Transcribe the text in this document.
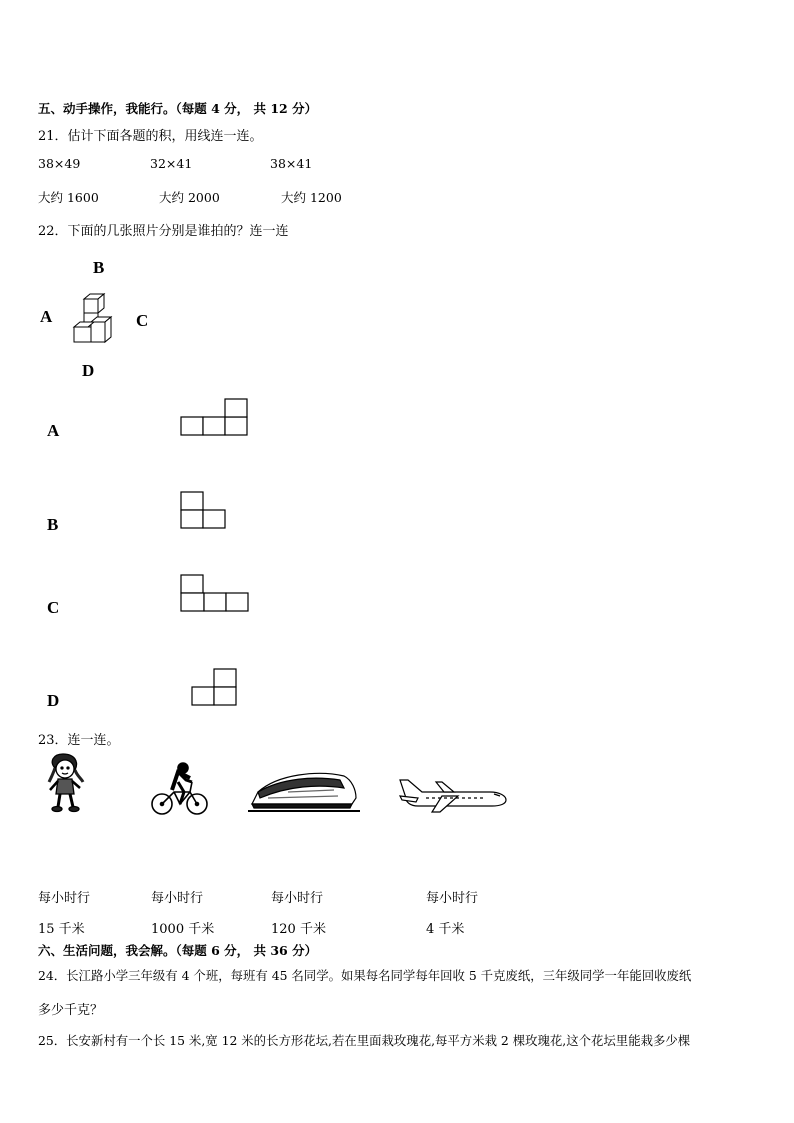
五、动手操作，我能行。（每题 4 分， 共 12 分）
21．估计下面各题的积，用线连一连。
38×49	32×41	38×41
大约 1600	大约 2000	大约 1200
22．下面的几张照片分别是谁拍的？连一连
B
A	C
D
A
B
C
D
23．连一连。
每小时行	每小时行	每小时行	每小时行
15 千米	1000 千米	120 千米	4 千米
六、生活问题，我会解。（每题 6 分， 共 36 分）
24．长江路小学三年级有 4 个班，每班有 45 名同学。如果每名同学每年回收 5 千克废纸，三年级同学一年能回收废纸
多少千克？
25．长安新村有一个长 15 米,宽 12 米的长方形花坛,若在里面栽玫瑰花,每平方米栽 2 棵玫瑰花,这个花坛里能栽多少棵
